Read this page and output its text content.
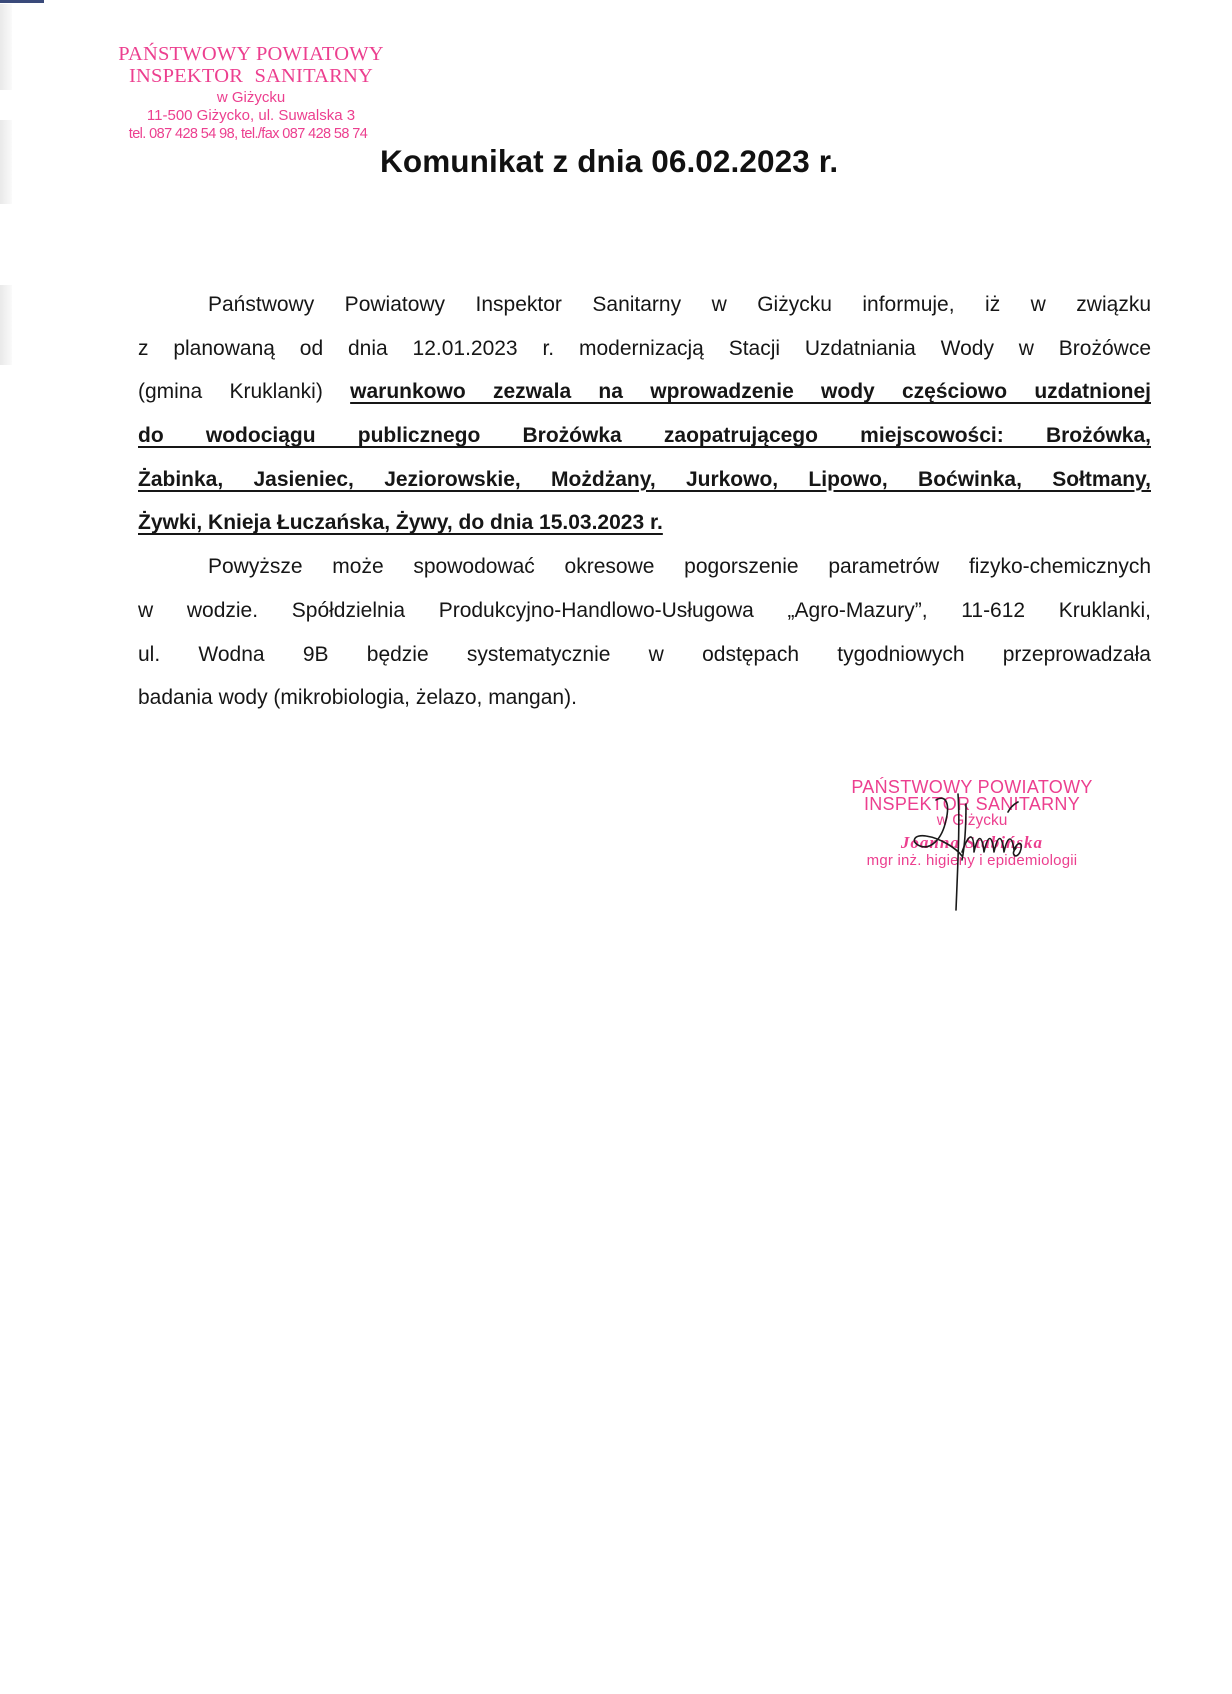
PAŃSTWOWY POWIATOWY
INSPEKTOR SANITARNY
w Giżycku
11-500 Giżycko, ul. Suwalska 3
tel. 087 428 54 98, tel./fax 087 428 58 74
Komunikat z dnia 06.02.2023 r.
Państwowy Powiatowy Inspektor Sanitarny w Giżycku informuje, iż w związku
z planowaną od dnia 12.01.2023 r. modernizacją Stacji Uzdatniania Wody w Brożówce
(gmina Kruklanki) warunkowo zezwala na wprowadzenie wody częściowo uzdatnionej
do wodociągu publicznego Brożówka zaopatrującego miejscowości: Brożówka,
Żabinka, Jasieniec, Jeziorowskie, Możdżany, Jurkowo, Lipowo, Boćwinka, Sołtmany,
Żywki, Knieja Łuczańska, Żywy, do dnia 15.03.2023 r.
Powyższe może spowodować okresowe pogorszenie parametrów fizyko-chemicznych
w wodzie. Spółdzielnia Produkcyjno-Handlowo-Usługowa „Agro-Mazury”, 11-612 Kruklanki,
ul. Wodna 9B będzie systematycznie w odstępach tygodniowych przeprowadzała
badania wody (mikrobiologia, żelazo, mangan).
PAŃSTWOWY POWIATOWY
INSPEKTOR SANITARNY
w Giżycku
Joanna Stabińska
mgr inż. higieny i epidemiologii
